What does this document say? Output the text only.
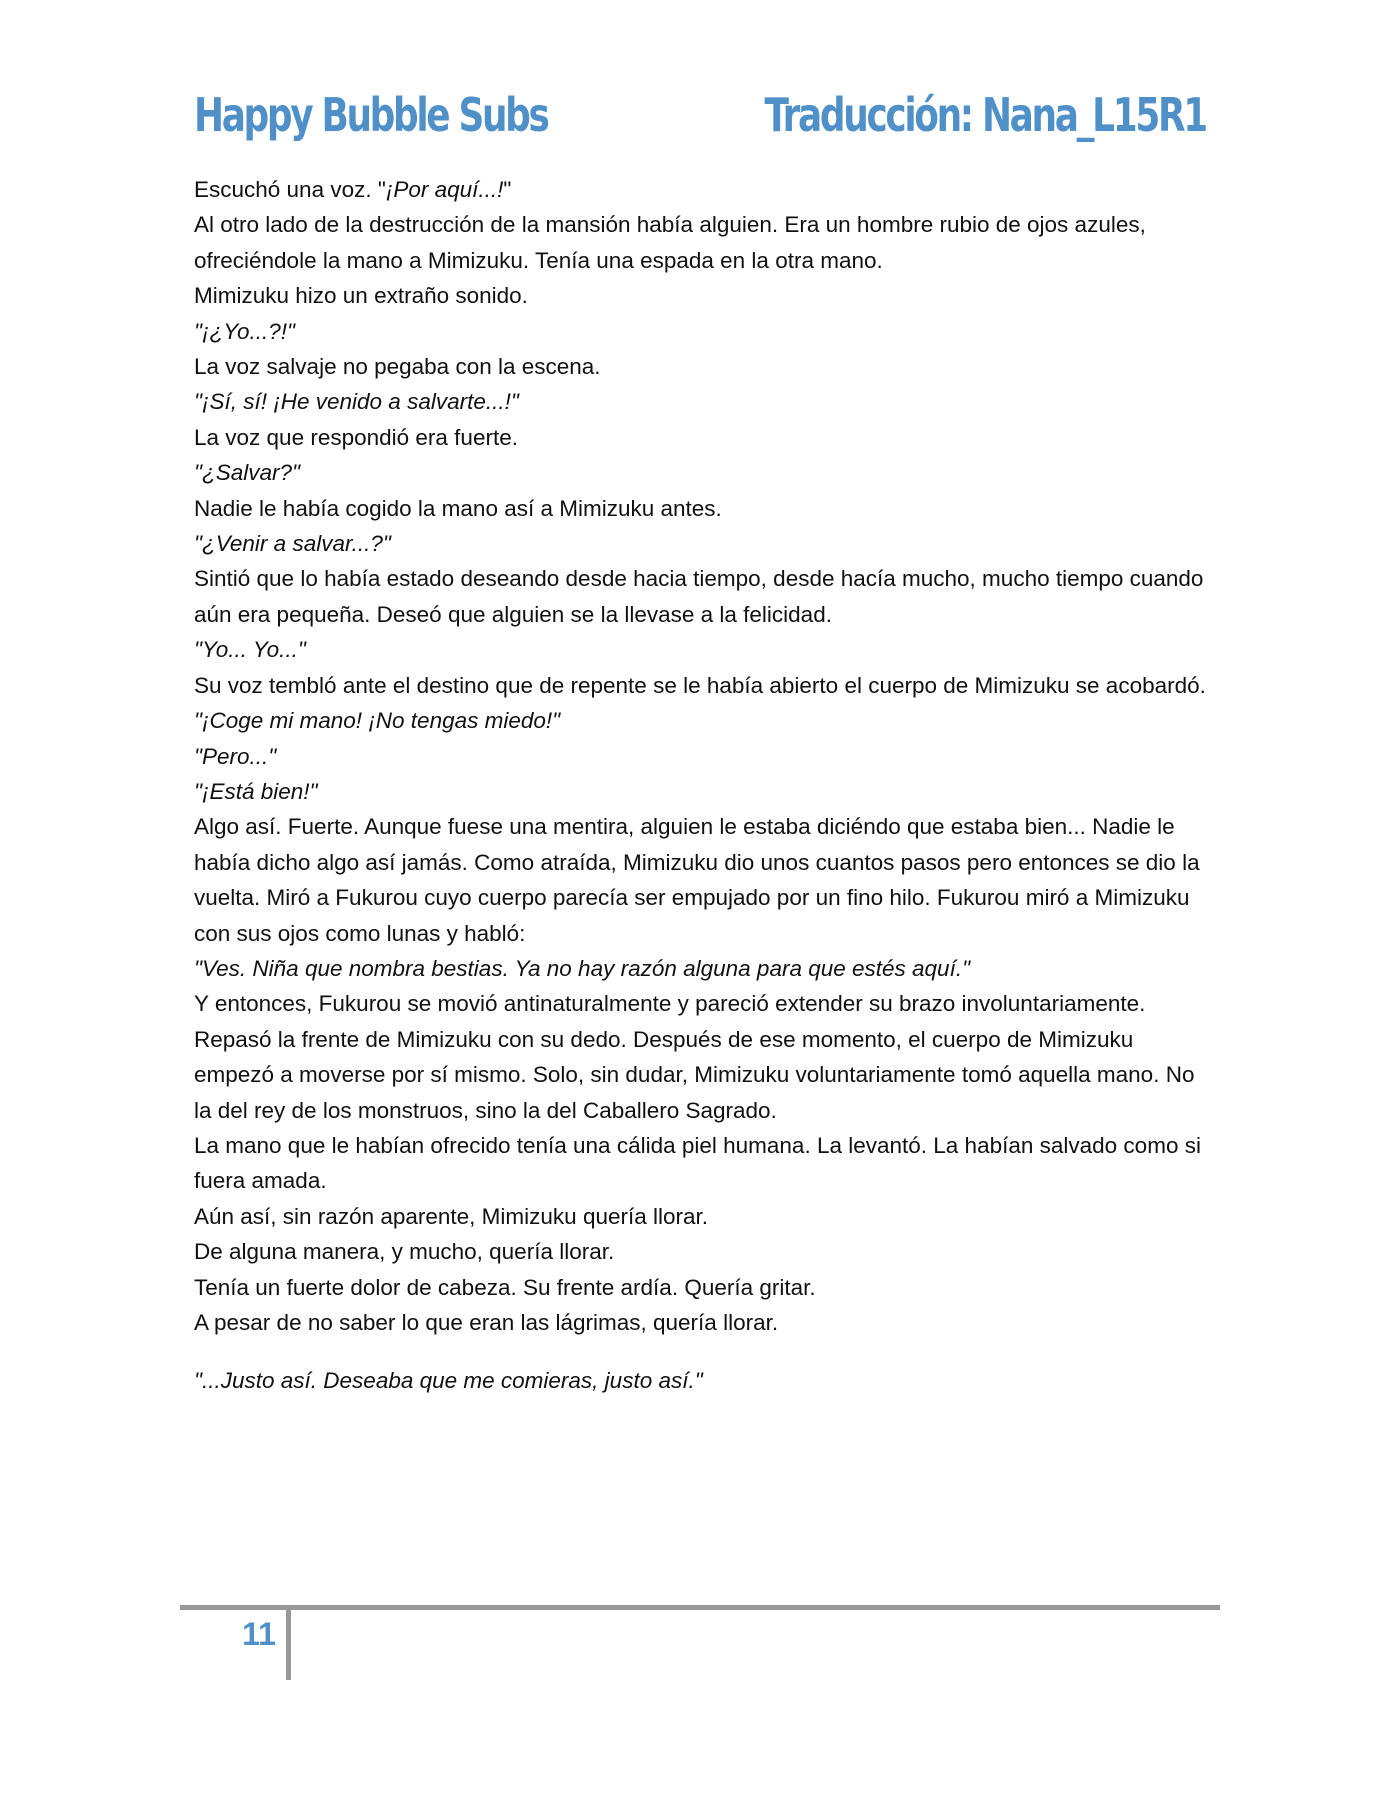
Happy Bubble Subs	Traducción: Nana_L15R1

Escuchó una voz. "¡Por aquí...!"

Al otro lado de la destrucción de la mansión había alguien. Era un hombre rubio de ojos azules, ofreciéndole la mano a Mimizuku. Tenía una espada en la otra mano.

Mimizuku hizo un extraño sonido.

"¡¿Yo...?!"

La voz salvaje no pegaba con la escena.

"¡Sí, sí! ¡He venido a salvarte...!"

La voz que respondió era fuerte.

"¿Salvar?"

Nadie le había cogido la mano así a Mimizuku antes.

"¿Venir a salvar...?"

Sintió que lo había estado deseando desde hacia tiempo, desde hacía mucho, mucho tiempo cuando aún era pequeña. Deseó que alguien se la llevase a la felicidad.

"Yo... Yo..."

Su voz tembló ante el destino que de repente se le había abierto el cuerpo de Mimizuku se acobardó.

"¡Coge mi mano! ¡No tengas miedo!"

"Pero..."

"¡Está bien!"

Algo así. Fuerte. Aunque fuese una mentira, alguien le estaba diciéndo que estaba bien... Nadie le había dicho algo así jamás. Como atraída, Mimizuku dio unos cuantos pasos pero entonces se dio la vuelta. Miró a Fukurou cuyo cuerpo parecía ser empujado por un fino hilo. Fukurou miró a Mimizuku con sus ojos como lunas y habló:

"Ves. Niña que nombra bestias. Ya no hay razón alguna para que estés aquí."

Y entonces, Fukurou se movió antinaturalmente y pareció extender su brazo involuntariamente. Repasó la frente de Mimizuku con su dedo. Después de ese momento, el cuerpo de Mimizuku empezó a moverse por sí mismo. Solo, sin dudar, Mimizuku voluntariamente tomó aquella mano. No la del rey de los monstruos, sino la del Caballero Sagrado.

La mano que le habían ofrecido tenía una cálida piel humana. La levantó. La habían salvado como si fuera amada.

Aún así, sin razón aparente, Mimizuku quería llorar.

De alguna manera, y mucho, quería llorar.

Tenía un fuerte dolor de cabeza. Su frente ardía. Quería gritar.

A pesar de no saber lo que eran las lágrimas, quería llorar.

"...Justo así. Deseaba que me comieras, justo así."

11
